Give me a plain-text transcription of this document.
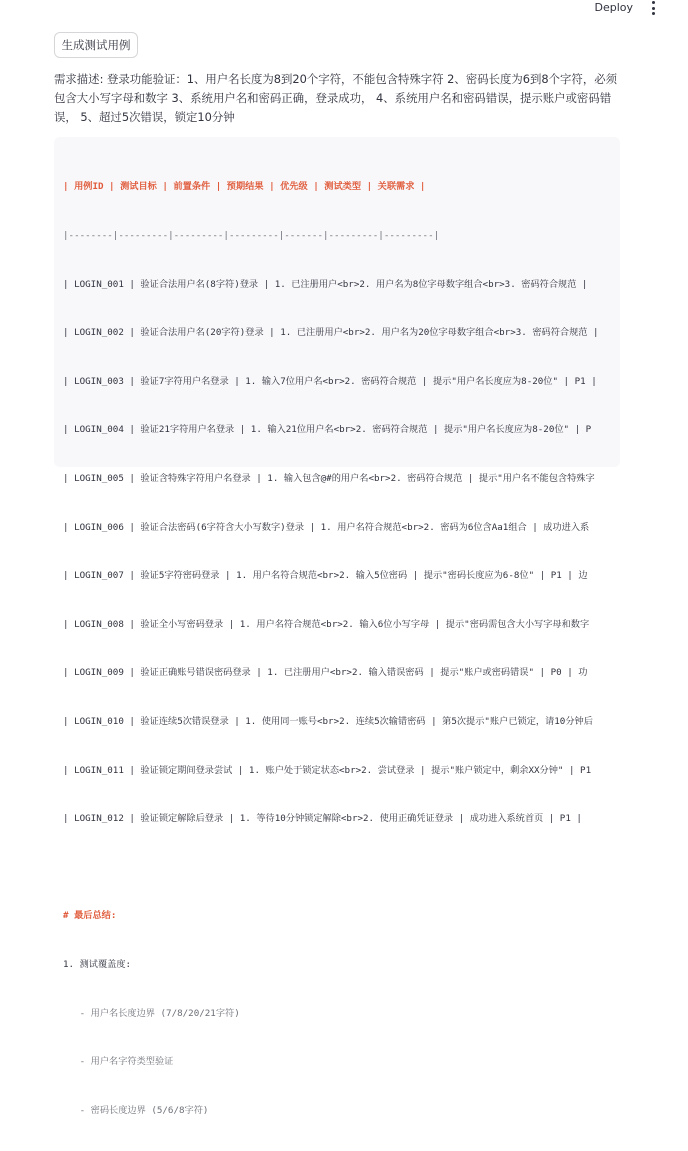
Deploy
生成测试用例

需求描述: 登录功能验证：1、用户名长度为8到20个字符，不能包含特殊字符 2、密码长度为6到8个字符，必须包含大小写字母和数字 3、系统用户名和密码正确，登录成功， 4、系统用户名和密码错误，提示账户或密码错误， 5、超过5次错误，锁定10分钟

| 用例ID | 测试目标 | 前置条件 | 预期结果 | 优先级 | 测试类型 | 关联需求 |

|--------|---------|---------|---------|-------|---------|---------|

| LOGIN_001 | 验证合法用户名(8字符)登录 | 1. 已注册用户<br>2. 用户名为8位字母数字组合<br>3. 密码符合规范 |

| LOGIN_002 | 验证合法用户名(20字符)登录 | 1. 已注册用户<br>2. 用户名为20位字母数字组合<br>3. 密码符合规范 |

| LOGIN_003 | 验证7字符用户名登录 | 1. 输入7位用户名<br>2. 密码符合规范 | 提示"用户名长度应为8-20位" | P1 |

| LOGIN_004 | 验证21字符用户名登录 | 1. 输入21位用户名<br>2. 密码符合规范 | 提示"用户名长度应为8-20位" | P

| LOGIN_005 | 验证含特殊字符用户名登录 | 1. 输入包含@#的用户名<br>2. 密码符合规范 | 提示"用户名不能包含特殊字

| LOGIN_006 | 验证合法密码(6字符含大小写数字)登录 | 1. 用户名符合规范<br>2. 密码为6位含Aa1组合 | 成功进入系

| LOGIN_007 | 验证5字符密码登录 | 1. 用户名符合规范<br>2. 输入5位密码 | 提示"密码长度应为6-8位" | P1 | 边

| LOGIN_008 | 验证全小写密码登录 | 1. 用户名符合规范<br>2. 输入6位小写字母 | 提示"密码需包含大小写字母和数字

| LOGIN_009 | 验证正确账号错误密码登录 | 1. 已注册用户<br>2. 输入错误密码 | 提示"账户或密码错误" | P0 | 功

| LOGIN_010 | 验证连续5次错误登录 | 1. 使用同一账号<br>2. 连续5次输错密码 | 第5次提示"账户已锁定，请10分钟后

| LOGIN_011 | 验证锁定期间登录尝试 | 1. 账户处于锁定状态<br>2. 尝试登录 | 提示"账户锁定中，剩余XX分钟" | P1

| LOGIN_012 | 验证锁定解除后登录 | 1. 等待10分钟锁定解除<br>2. 使用正确凭证登录 | 成功进入系统首页 | P1 |

# 最后总结:

1. 测试覆盖度:

- 用户名长度边界 (7/8/20/21字符)

- 用户名字符类型验证

- 密码长度边界 (5/6/8字符)
